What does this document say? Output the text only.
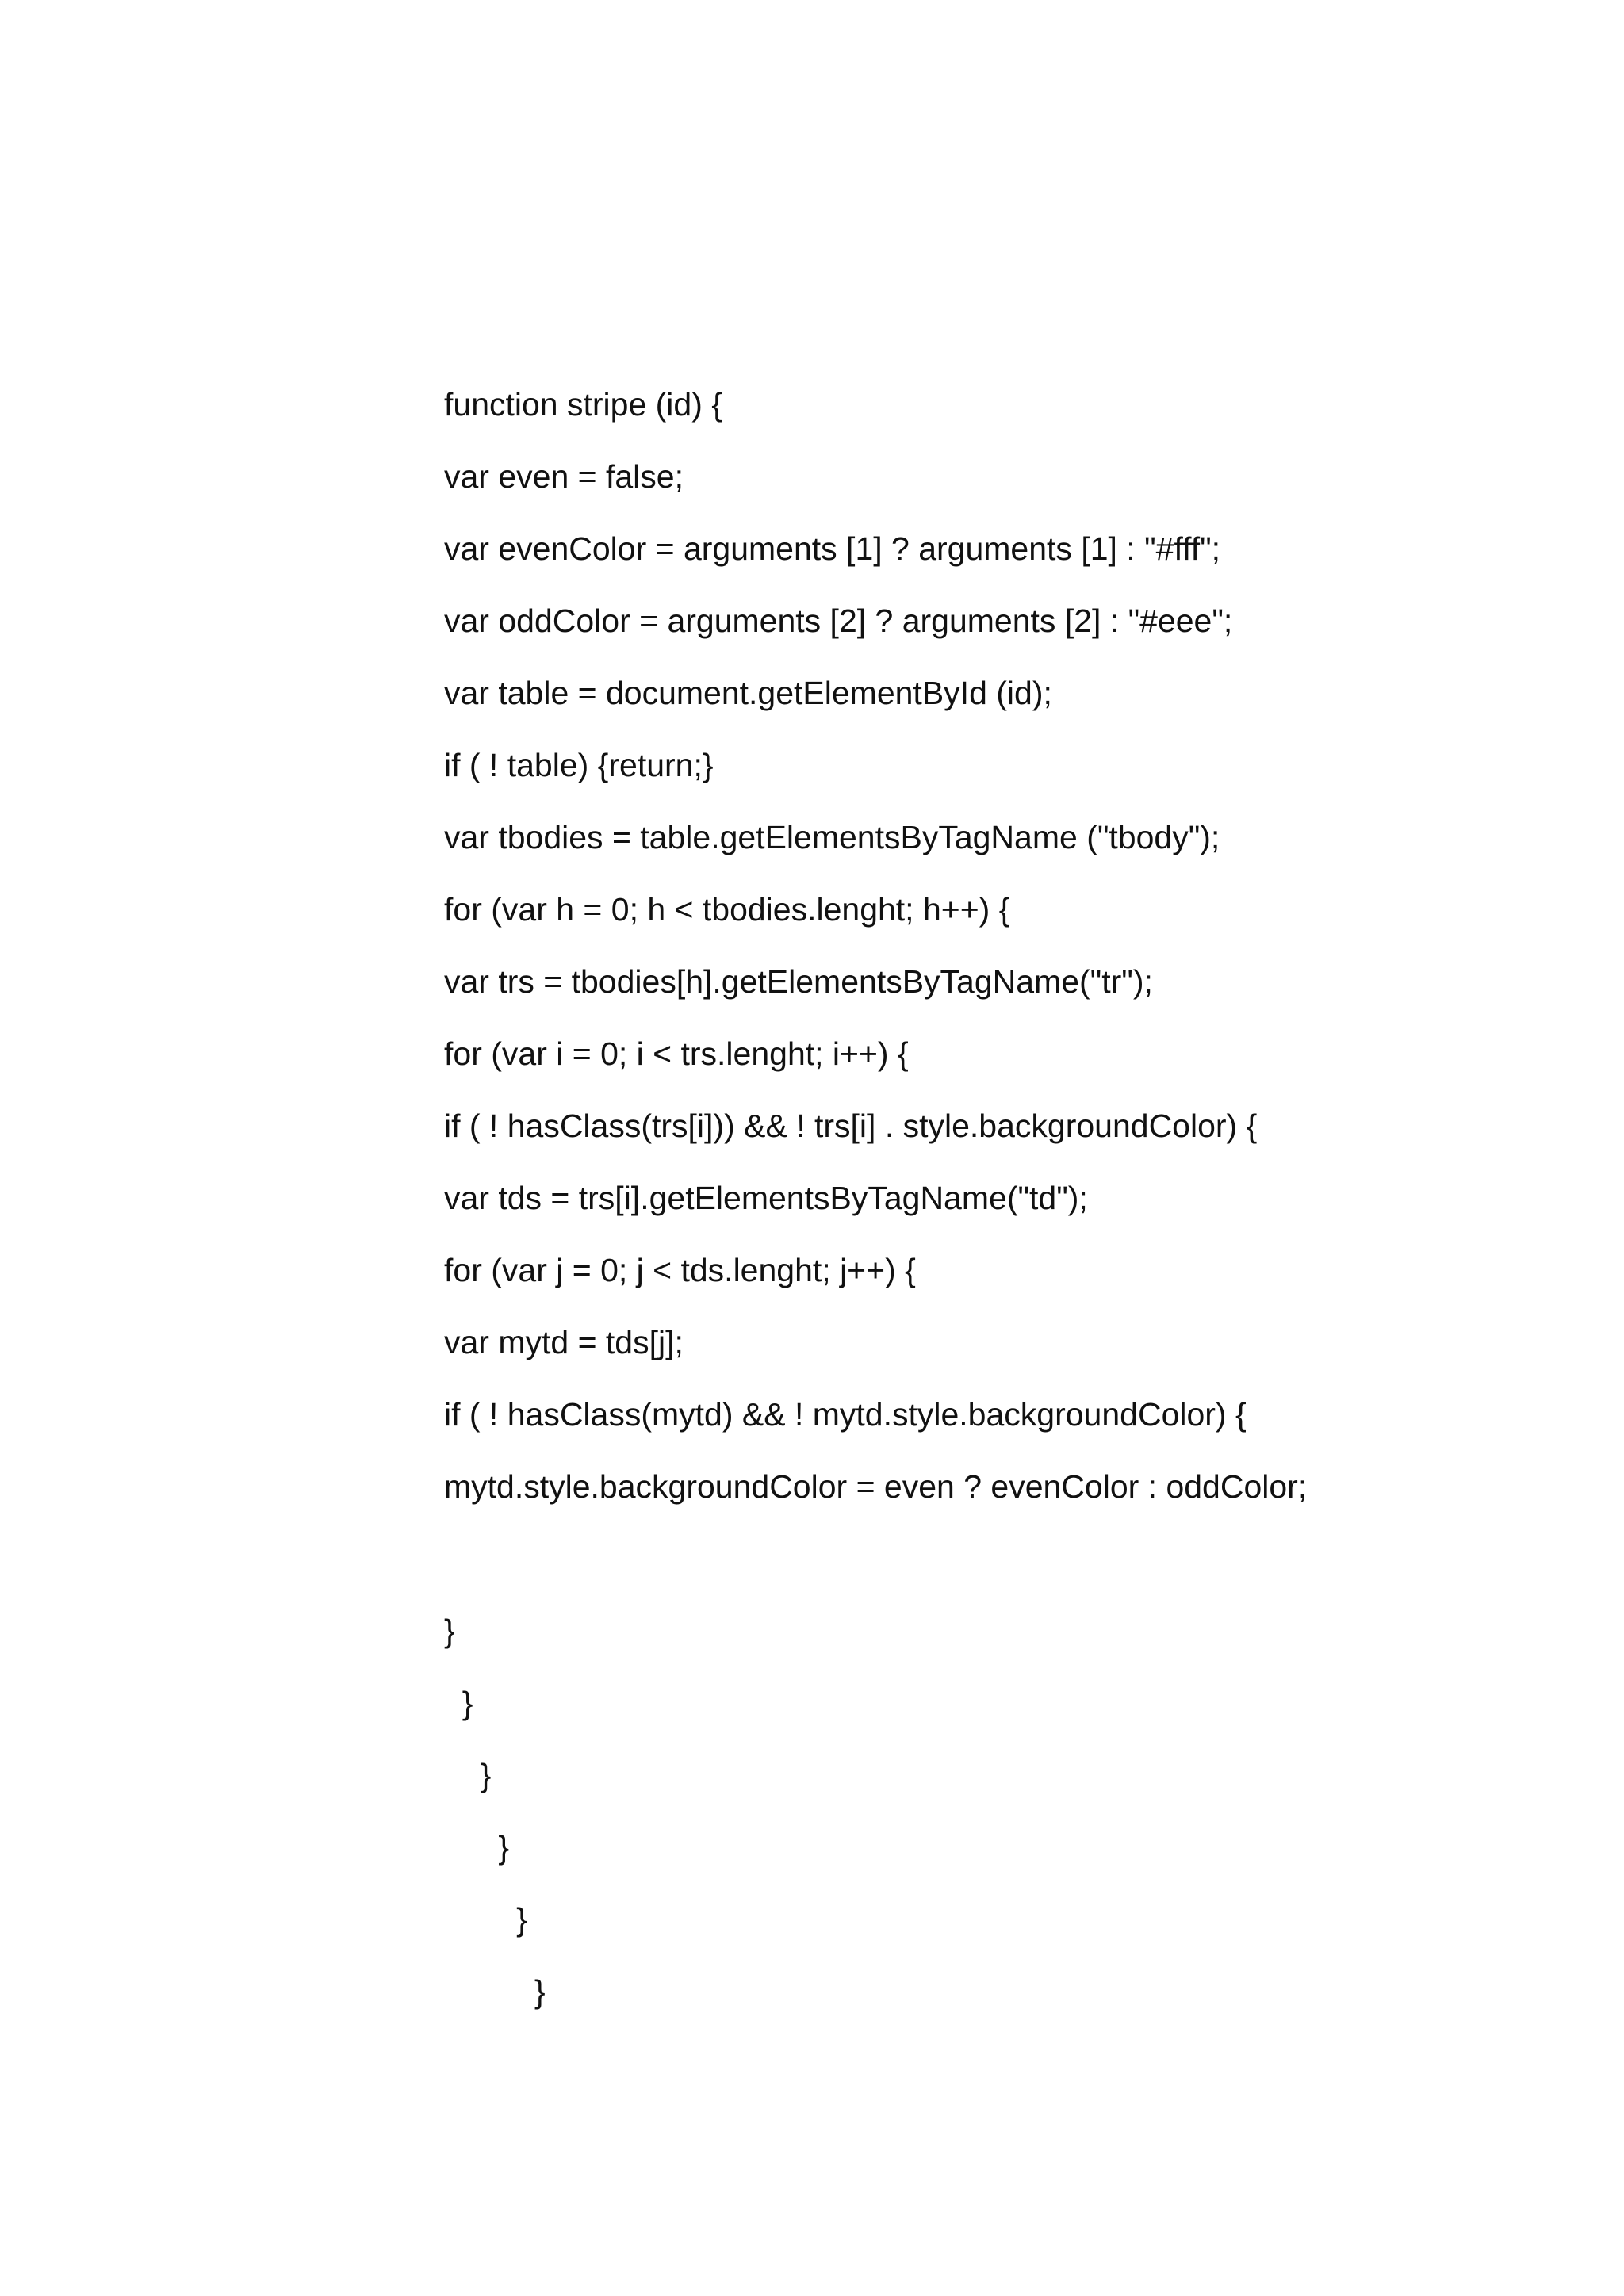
function stripe (id) {
var even = false;
var evenColor = arguments [1] ? arguments [1] : "#fff";
var oddColor = arguments [2] ? arguments [2] : "#eee";
var table = document.getElementById (id);
if ( ! table) {return;}
var tbodies = table.getElementsByTagName ("tbody");
for (var h = 0; h < tbodies.lenght; h++) {
var trs = tbodies[h].getElementsByTagName("tr");
for (var i = 0; i < trs.lenght; i++) {
if ( ! hasClass(trs[i])) && ! trs[i] . style.backgroundColor) {
var tds = trs[i].getElementsByTagName("td");
for (var j = 0; j < tds.lenght; j++) {
var mytd = tds[j];
if ( ! hasClass(mytd) && ! mytd.style.backgroundColor) {
mytd.style.backgroundColor = even ? evenColor : oddColor;
}
}
}
}
}
}
